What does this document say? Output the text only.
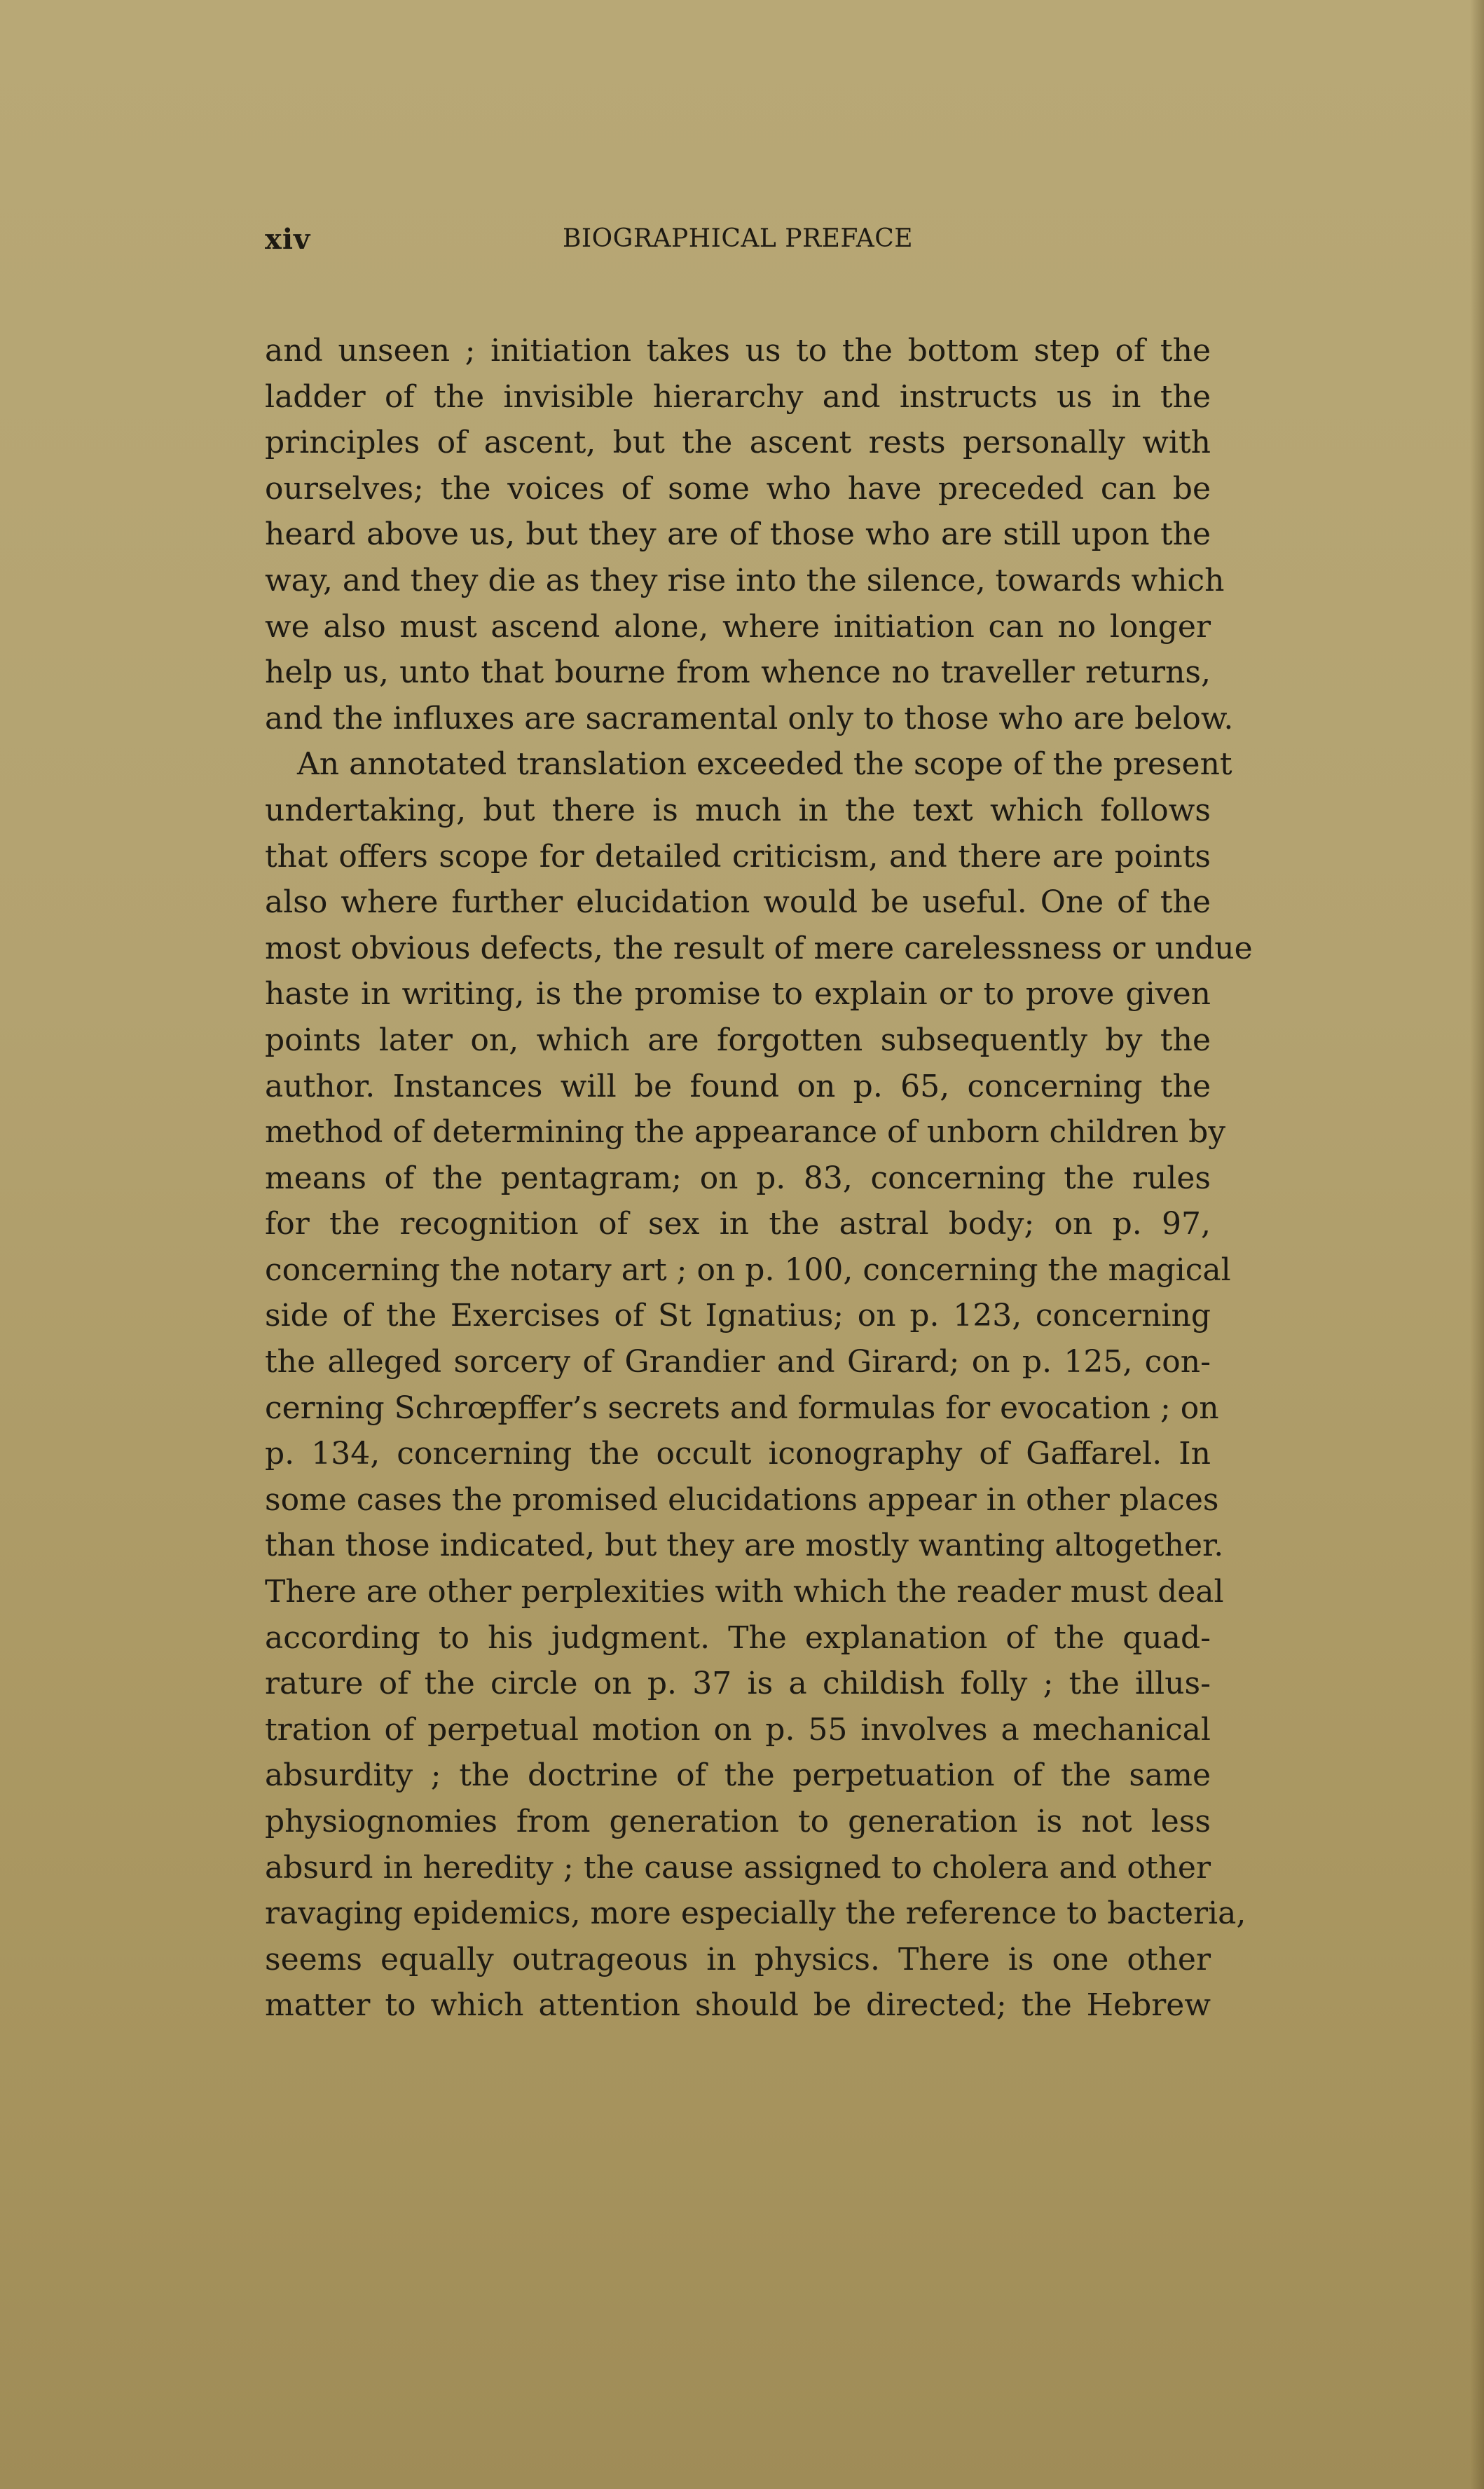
xiv	BIOGRAPHICAL PREFACE
and unseen ; initiation takes us to the bottom step of the
ladder of the invisible hierarchy and instructs us in the
principles of ascent, but the ascent rests personally with
ourselves; the voices of some who have preceded can be
heard above us, but they are of those who are still upon the
way, and they die as they rise into the silence, towards which
we also must ascend alone, where initiation can no longer
help us, unto that bourne from whence no traveller returns,
and the influxes are sacramental only to those who are below.
An annotated translation exceeded the scope of the present
undertaking, but there is much in the text which follows
that offers scope for detailed criticism, and there are points
also where further elucidation would be useful. One of the
most obvious defects, the result of mere carelessness or undue
haste in writing, is the promise to explain or to prove given
points later on, which are forgotten subsequently by the
author. Instances will be found on p. 65, concerning the
method of determining the appearance of unborn children by
means of the pentagram; on p. 83, concerning the rules
for the recognition of sex in the astral body; on p. 97,
concerning the notary art ; on p. 100, concerning the magical
side of the Exercises of St Ignatius; on p. 123, concerning
the alleged sorcery of Grandier and Girard; on p. 125, con-
cerning Schrœpffer’s secrets and formulas for evocation ; on
p. 134, concerning the occult iconography of Gaffarel. In
some cases the promised elucidations appear in other places
than those indicated, but they are mostly wanting altogether.
There are other perplexities with which the reader must deal
according to his judgment. The explanation of the quad-
rature of the circle on p. 37 is a childish folly ; the illus-
tration of perpetual motion on p. 55 involves a mechanical
absurdity ; the doctrine of the perpetuation of the same
physiognomies from generation to generation is not less
absurd in heredity ; the cause assigned to cholera and other
ravaging epidemics, more especially the reference to bacteria,
seems equally outrageous in physics. There is one other
matter to which attention should be directed; the Hebrew
